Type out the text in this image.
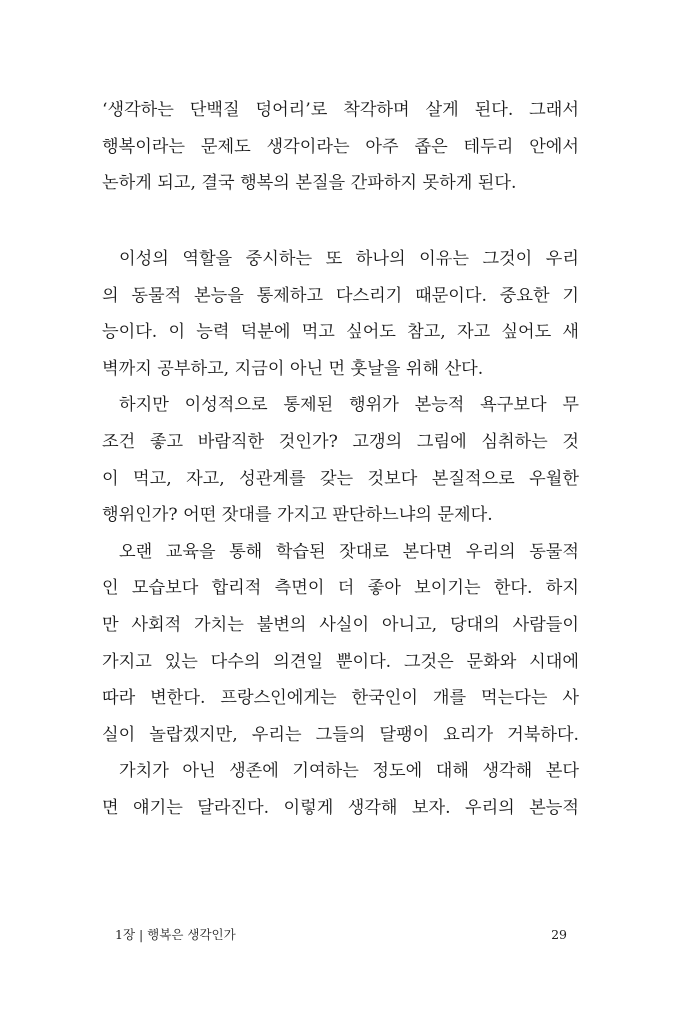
‘생각하는 단백질 덩어리’로 착각하며 살게 된다. 그래서
행복이라는 문제도 생각이라는 아주 좁은 테두리 안에서
논하게 되고, 결국 행복의 본질을 간파하지 못하게 된다.
이성의 역할을 중시하는 또 하나의 이유는 그것이 우리
의 동물적 본능을 통제하고 다스리기 때문이다. 중요한 기
능이다. 이 능력 덕분에 먹고 싶어도 참고, 자고 싶어도 새
벽까지 공부하고, 지금이 아닌 먼 훗날을 위해 산다.
하지만 이성적으로 통제된 행위가 본능적 욕구보다 무
조건 좋고 바람직한 것인가? 고갱의 그림에 심취하는 것
이 먹고, 자고, 성관계를 갖는 것보다 본질적으로 우월한
행위인가? 어떤 잣대를 가지고 판단하느냐의 문제다.
오랜 교육을 통해 학습된 잣대로 본다면 우리의 동물적
인 모습보다 합리적 측면이 더 좋아 보이기는 한다. 하지
만 사회적 가치는 불변의 사실이 아니고, 당대의 사람들이
가지고 있는 다수의 의견일 뿐이다. 그것은 문화와 시대에
따라 변한다. 프랑스인에게는 한국인이 개를 먹는다는 사
실이 놀랍겠지만, 우리는 그들의 달팽이 요리가 거북하다.
가치가 아닌 생존에 기여하는 정도에 대해 생각해 본다
면 얘기는 달라진다. 이렇게 생각해 보자. 우리의 본능적
1장 | 행복은 생각인가	29
